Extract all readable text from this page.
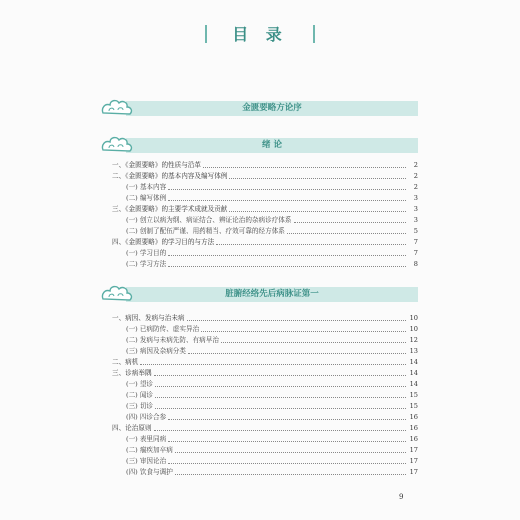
目 录
金匮要略方论序
绪 论
一、《金匮要略》的性质与沿革	2
二、《金匮要略》的基本内容及编写体例	2
(一) 基本内容	2
(二) 编写体例	3
三、《金匮要略》的主要学术成就及贡献	3
(一) 创立以病为纲、病证结合、辨证论治的杂病诊疗体系	3
(二) 创制了配伍严谨、用药精当、疗效可靠的经方体系	5
四、《金匮要略》的学习目的与方法	7
(一) 学习目的	7
(二) 学习方法	8
脏腑经络先后病脉证第一
一、病因、发病与治未病	10
(一) 已病防传、虚实异治	10
(二) 发病与未病先防、有病早治	12
(三) 病因及杂病分类	13
二、病机	14
三、诊病举隅	14
(一) 望诊	14
(二) 闻诊	15
(三) 切诊	15
(四) 四诊合参	16
四、论治原则	16
(一) 表里同病	16
(二) 痼疾加卒病	17
(三) 审因论治	17
(四) 饮食与调护	17
9
